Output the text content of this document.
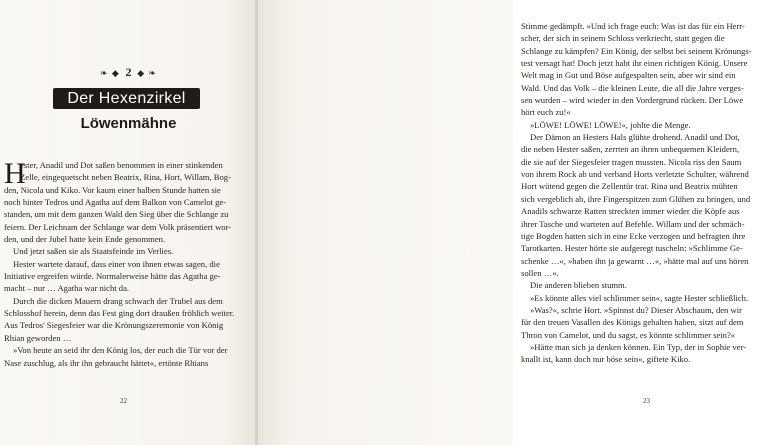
❧ ◆ 2 ◆ ❧
Der Hexenzirkel
Löwenmähne
H
ester, Anadil und Dot saßen benommen in einer stinkenden
Zelle, eingequetscht neben Beatrix, Rina, Hort, Willam, Bog-
den, Nicola und Kiko. Vor kaum einer halben Stunde hatten sie
noch hinter Tedros und Agatha auf dem Balkon von Camelot ge-
standen, um mit dem ganzen Wald den Sieg über die Schlange zu
feiern. Der Leichnam der Schlange war dem Volk präsentiert wor-
den, und der Jubel hatte kein Ende genommen.
Und jetzt saßen sie als Staatsfeinde im Verlies.
Hester wartete darauf, dass einer von ihnen etwas sagen, die
Initiative ergreifen würde. Normalerweise hätte das Agatha ge-
macht – nur … Agatha war nicht da.
Durch die dicken Mauern drang schwach der Trubel aus dem
Schlosshof herein, denn das Fest ging dort draußen fröhlich weiter.
Aus Tedros' Siegesfeier war die Krönungszeremonie von König
Rhian geworden …
»Von heute an seid ihr den König los, der euch die Tür vor der
Nase zuschlug, als ihr ihn gebraucht hättet«, ertönte Rhians
22
Stimme gedämpft. »Und ich frage euch: Was ist das für ein Herr-
scher, der sich in seinem Schloss verkriecht, statt gegen die
Schlange zu kämpfen? Ein König, der selbst bei seinem Krönungs-
test versagt hat! Doch jetzt habt ihr einen richtigen König. Unsere
Welt mag in Gut und Böse aufgespalten sein, aber wir sind ein
Wald. Und das Volk – die kleinen Leute, die all die Jahre verges-
sen wurden – wird wieder in den Vordergrund rücken. Der Löwe
hört euch zu!«
»LÖWE! LÖWE! LÖWE!«, johlte die Menge.
Der Dämon an Hesters Hals glühte drohend. Anadil und Dot,
die neben Hester saßen, zerrten an ihren unbequemen Kleidern,
die sie auf der Siegesfeier tragen mussten. Nicola riss den Saum
von ihrem Rock ab und verband Horts verletzte Schulter, während
Hort wütend gegen die Zellentür trat. Rina und Beatrix mühten
sich vergeblich ab, ihre Fingerspitzen zum Glühen zu bringen, und
Anadils schwarze Ratten streckten immer wieder die Köpfe aus
ihrer Tasche und warteten auf Befehle. Willam und der schmäch-
tige Bogden hatten sich in eine Ecke verzogen und befragten ihre
Tarotkarten. Hester hörte sie aufgeregt tuscheln: »Schlimme Ge-
schenke …«, »haben ihn ja gewarnt …«, »hätte mal auf uns hören
sollen …«.
Die anderen blieben stumm.
»Es könnte alles viel schlimmer sein«, sagte Hester schließlich.
»Was?«, schrie Hort. »Spinnst du? Dieser Abschaum, den wir
für den treuen Vasallen des Königs gehalten haben, sitzt auf dem
Thron von Camelot, und du sagst, es könnte schlimmer sein?«
»Hätte man sich ja denken können. Ein Typ, der in Sophie ver-
knallt ist, kann doch nur böse sein«, giftete Kiko.
23
